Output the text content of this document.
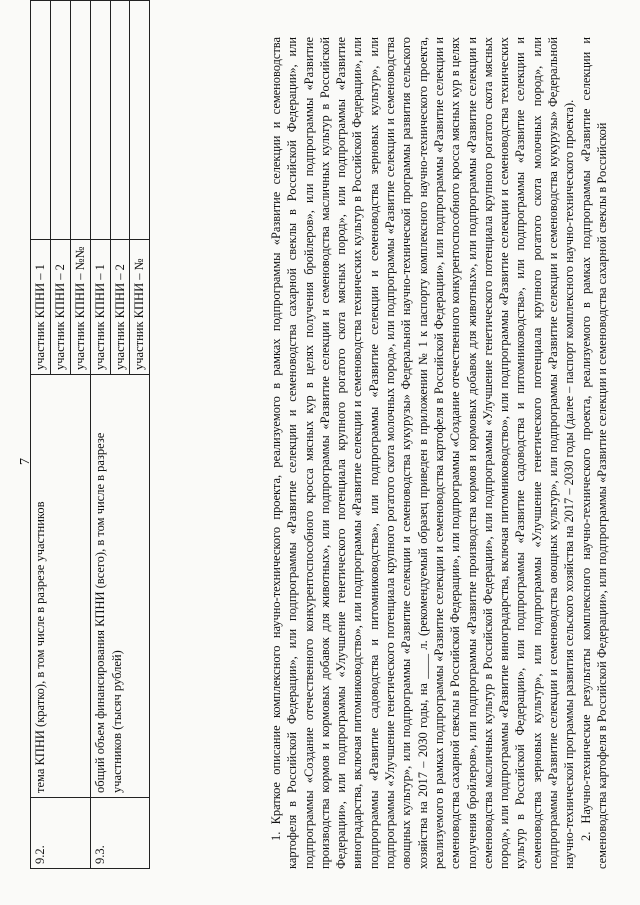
7
9.2.	тема КПНИ (кратко), в том числе в разрезе участников	участник КПНИ – 1	
		участник КПНИ – 2	
		участник КПНИ – №№	
9.3.	общий объем финансирования КПНИ (всего), в том числе в разрезе участников (тысяч рублей)	участник КПНИ – 1	
		участник КПНИ – 2	
		участник КПНИ – №		1. Краткое описание комплексного научно-технического проекта, реализуемого в рамках подпрограммы «Развитие селекции и семеноводства картофеля в Российской Федерации», или подпрограммы «Развитие селекции и семеноводства сахарной свеклы в Российской Федерации», или подпрограммы «Создание отечественного конкурентоспособного кросса мясных кур в целях получения бройлеров», или подпрограммы «Развитие производства кормов и кормовых добавок для животных», или подпрограммы «Развитие селекции и семеноводства масличных культур в Российской Федерации», или подпрограммы «Улучшение генетического потенциала крупного рогатого скота мясных пород», или подпрограммы «Развитие виноградарства, включая питомниководство», или подпрограммы «Развитие селекции и семеноводства технических культур в Российской Федерации», или подпрограммы «Развитие садоводства и питомниководства», или подпрограммы «Развитие селекции и семеноводства зерновых культур», или подпрограммы «Улучшение генетического потенциала крупного рогатого скота молочных пород», или подпрограммы «Развитие селекции и семеноводства овощных культур», или подпрограммы «Развитие селекции и семеноводства кукурузы» Федеральной научно-технической программы развития сельского хозяйства на 2017 – 2030 годы, на ____ л. (рекомендуемый образец приведен в приложении № 1 к паспорту комплексного научно-технического проекта, реализуемого в рамках подпрограммы «Развитие селекции и семеноводства картофеля в Российской Федерации», или подпрограммы «Развитие селекции и семеноводства сахарной свеклы в Российской Федерации», или подпрограммы «Создание отечественного конкурентоспособного кросса мясных кур в целях получения бройлеров», или подпрограммы «Развитие производства кормов и кормовых добавок для животных», или подпрограммы «Развитие селекции и семеноводства масличных культур в Российской Федерации», или подпрограммы «Улучшение генетического потенциала крупного рогатого скота мясных пород», или подпрограммы «Развитие виноградарства, включая питомниководство», или подпрограммы «Развитие селекции и семеноводства технических культур в Российской Федерации», или подпрограммы «Развитие садоводства и питомниководства», или подпрограммы «Развитие селекции и семеноводства зерновых культур», или подпрограммы «Улучшение генетического потенциала крупного рогатого скота молочных пород», или подпрограммы «Развитие селекции и семеноводства овощных культур», или подпрограммы «Развитие селекции и семеноводства кукурузы» Федеральной научно-технической программы развития сельского хозяйства на 2017 – 2030 годы (далее – паспорт комплексного научно-технического проекта). 2. Научно-технические результаты комплексного научно-технического проекта, реализуемого в рамках подпрограммы «Развитие селекции и семеноводства картофеля в Российской Федерации», или подпрограммы «Развитие селекции и семеноводства сахарной свеклы в Российской
